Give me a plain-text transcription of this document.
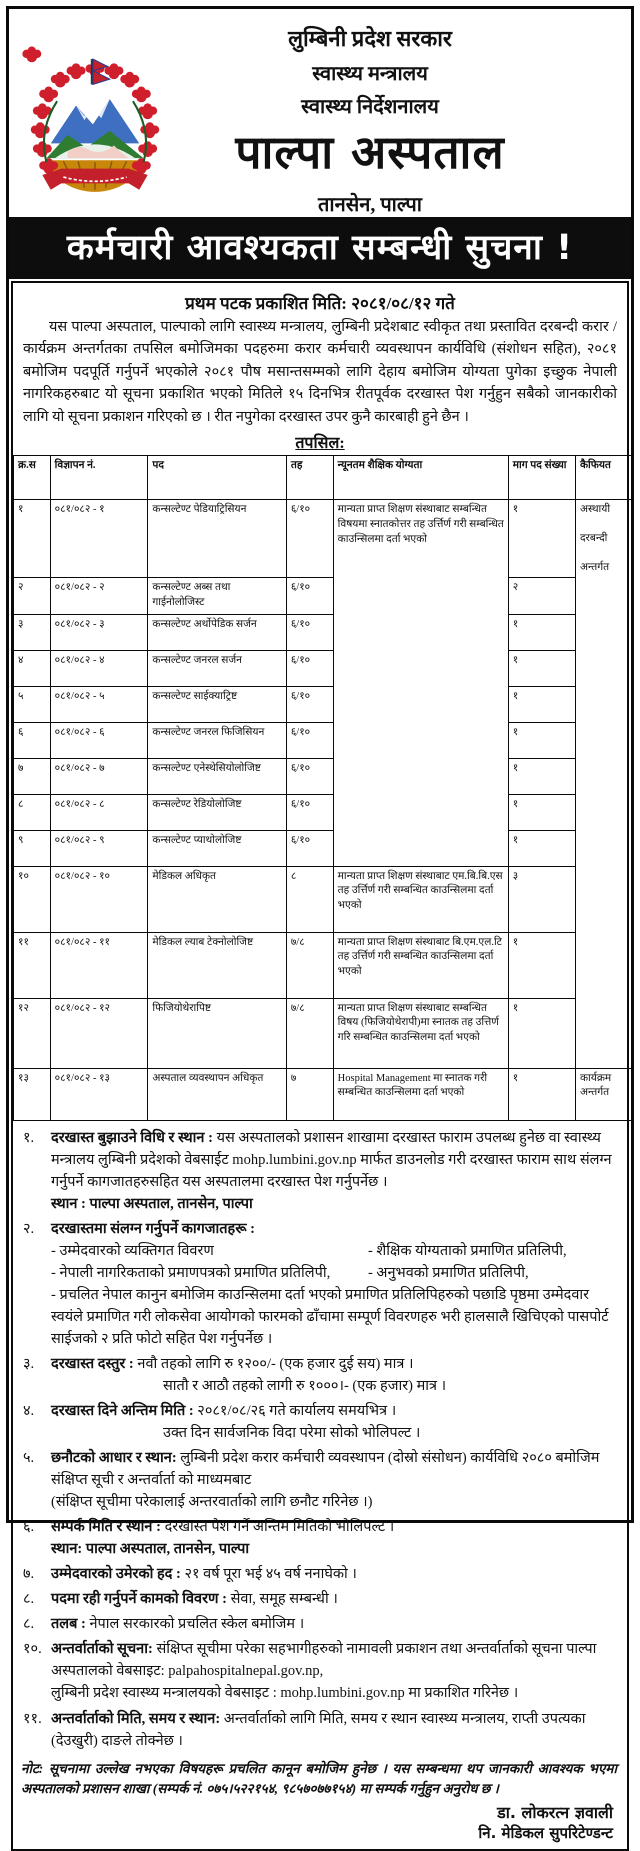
लुम्बिनी प्रदेश सरकार
स्वास्थ्य मन्त्रालय
स्वास्थ्य निर्देशनालय
पाल्पा अस्पताल
तानसेन, पाल्पा
कर्मचारी आवश्यकता सम्बन्धी सुचना !
प्रथम पटक प्रकाशित मिति: २०८१/०८/१२ गते
यस पाल्पा अस्पताल, पाल्पाको लागि स्वास्थ्य मन्त्रालय, लुम्बिनी प्रदेशबाट स्वीकृत तथा प्रस्तावित दरबन्दी करार /कार्यक्रम अन्तर्गतका तपसिल बमोजिमका पदहरुमा करार कर्मचारी व्यवस्थापन कार्यविधि (संशोधन सहित), २०८१ बमोजिम पदपूर्ति गर्नुपर्ने भएकोले २०८१ पौष मसान्तसम्मको लागि देहाय बमोजिम योग्यता पुगेका इच्छुक नेपाली नागरिकहरुबाट यो सूचना प्रकाशित भएको मितिले १५ दिनभित्र रीतपूर्वक दरखास्त पेश गर्नुहुन सबैको जानकारीको लागि यो सूचना प्रकाशन गरिएको छ । रीत नपुगेका दरखास्त उपर कुनै कारबाही हुने छैन ।
तपसिल:
क्र.स	विज्ञापन नं.	पद	तह	न्यूनतम शैक्षिक योग्यता	माग पद संख्या	कैफियत
१	०८१/०८२ - १	कन्सल्टेण्ट पेडियाट्रिसियन	६/१०	मान्यता प्राप्त शिक्षण संस्थाबाट सम्बन्धित विषयमा स्नातकोत्तर तह उर्त्तिर्ण गरी सम्बन्धित काउन्सिलमा दर्ता भएको	१	अस्थायी
दरबन्दी
अन्तर्गत

२	०८१/०८२ - २	कन्सल्टेण्ट अब्स तथा गाईनोलोजिस्ट	६/१०		२	
३	०८१/०८२ - ३	कन्सल्टेण्ट अर्थोपेडिक सर्जन	६/१०		१	
४	०८१/०८२ - ४	कन्सल्टेण्ट जनरल सर्जन	६/१०		१	
५	०८१/०८२ - ५	कन्सल्टेण्ट साईक्याट्रिष्ट	६/१०		१	
६	०८१/०८२ - ६	कन्सल्टेण्ट जनरल फिजिसियन	६/१०		१	
७	०८१/०८२ - ७	कन्सल्टेण्ट एनेस्थेसियोलोजिष्ट	६/१०		१	
८	०८१/०८२ - ८	कन्सल्टेण्ट रेडियोलोजिष्ट	६/१०		१	
९	०८१/०८२ - ९	कन्सल्टेण्ट प्याथोलोजिष्ट	६/१०		१	
१०	०८१/०८२ - १०	मेडिकल अधिकृत	८	मान्यता प्राप्त शिक्षण संस्थाबाट एम.बि.बि.एस तह उर्त्तिर्ण गरी सम्बन्धित काउन्सिलमा दर्ता भएको	३	
११	०८१/०८२ - ११	मेडिकल ल्याब टेक्नोलोजिष्ट	७/८	मान्यता प्राप्त शिक्षण संस्थाबाट बि.एम.एल.टि तह उर्त्तिर्ण गरी सम्बन्धित काउन्सिलमा दर्ता भएको	१	
१२	०८१/०८२ - १२	फिजियोथेरापिष्ट	७/८	मान्यता प्राप्त शिक्षण संस्थाबाट सम्बन्धित विषय (फिजियोथेरापी)मा स्नातक तह उत्तिर्ण गरि सम्बन्धित काउन्सिलमा दर्ता भएको	१	
१३	०८१/०८२ - १३	अस्पताल व्यवस्थापन अधिकृत	७	Hospital Management मा स्नातक गरी सम्बन्धित काउन्सिलमा दर्ता भएको	१	कार्यक्रम अन्तर्गत
१. दरखास्त बुझाउने विधि र स्थान : यस अस्पतालको प्रशासन शाखामा दरखास्त फाराम उपलब्ध हुनेछ वा स्वास्थ्य मन्त्रालय लुम्बिनी प्रदेशको वेबसाईट mohp.lumbini.gov.np मार्फत डाउनलोड गरी दरखास्त फाराम साथ संलग्न गर्नुपर्ने कागजातहरुसहित यस अस्पतालमा दरखास्त पेश गर्नुपर्नेछ ।
स्थान : पाल्पा अस्पताल, तानसेन, पाल्पा
२. दरखास्तमा संलग्न गर्नुपर्ने कागजातहरू :
- उम्मेदवारको व्यक्तिगत विवरण	- शैक्षिक योग्यताको प्रमाणित प्रतिलिपी,
- नेपाली नागरिकताको प्रमाणपत्रको प्रमाणित प्रतिलिपी,	- अनुभवको प्रमाणित प्रतिलिपी,
- प्रचलित नेपाल कानुन बमोजिम काउन्सिलमा दर्ता भएको प्रमाणित प्रतिलिपिहरुको पछाडि पृष्ठमा उम्मेदवार स्वयंले प्रमाणित गरी लोकसेवा आयोगको फारमको ढाँचामा सम्पूर्ण विवरणहरु भरी हालसालै खिचिएको पासपोर्ट साईजको २ प्रति फोटो सहित पेश गर्नुपर्नेछ ।
३. दरखास्त दस्तुर : नवौ तहको लागि रु १२००/- (एक हजार दुई सय) मात्र ।
सातौ र आठौ तहको लागी रु १०००।- (एक हजार) मात्र ।
४. दरखास्त दिने अन्तिम मिति : २०८१/०८/२६ गते कार्यालय समयभित्र ।
उक्त दिन सार्वजनिक विदा परेमा सोको भोलिपल्ट ।
५. छनौटको आधार र स्थान: लुम्बिनी प्रदेश करार कर्मचारी व्यवस्थापन (दोस्रो संसोधन) कार्यविधि २०८० बमोजिम संक्षिप्त सूची र अन्तर्वार्ता को माध्यमबाट
(संक्षिप्त सूचीमा परेकालाई अन्तरवार्ताको लागि छनौट गरिनेछ ।)
६. सम्पर्क मिति र स्थान : दरखास्त पेश गर्ने अन्तिम मितिको भोलिपल्ट ।
स्थान: पाल्पा अस्पताल, तानसेन, पाल्पा
७. उम्मेदवारको उमेरको हद : २१ वर्ष पूरा भई ४५ वर्ष ननाघेको ।
८. पदमा रही गर्नुपर्ने कामको विवरण : सेवा, समूह सम्बन्धी ।
८. तलब : नेपाल सरकारको प्रचलित स्केल बमोजिम ।
१०. अन्तर्वार्ताको सूचना: संक्षिप्त सूचीमा परेका सहभागीहरुको नामावली प्रकाशन तथा अन्तर्वार्ताको सूचना पाल्पा अस्पतालको वेबसाइट: palpahospitalnepal.gov.np,
लुम्बिनी प्रदेश स्वास्थ्य मन्त्रालयको वेबसाइट : mohp.lumbini.gov.np मा प्रकाशित गरिनेछ ।
११. अन्तर्वार्ताको मिति, समय र स्थान: अन्तर्वार्ताको लागि मिति, समय र स्थान स्वास्थ्य मन्त्रालय, राप्ती उपत्यका (देउखुरी) दाङले तोक्नेछ ।
नोट: सूचनामा उल्लेख नभएका विषयहरू प्रचलित कानून बमोजिम हुनेछ । यस सम्बन्धमा थप जानकारी आवश्यक भएमा अस्पतालको प्रशासन शाखा (सम्पर्क नं. ०७५।५२२१५४, ९८५७०७७१५४) मा सम्पर्क गर्नुहुन अनुरोध छ ।
डा. लोकरत्न ज्ञवाली
नि. मेडिकल सुपरिटेण्डन्ट
